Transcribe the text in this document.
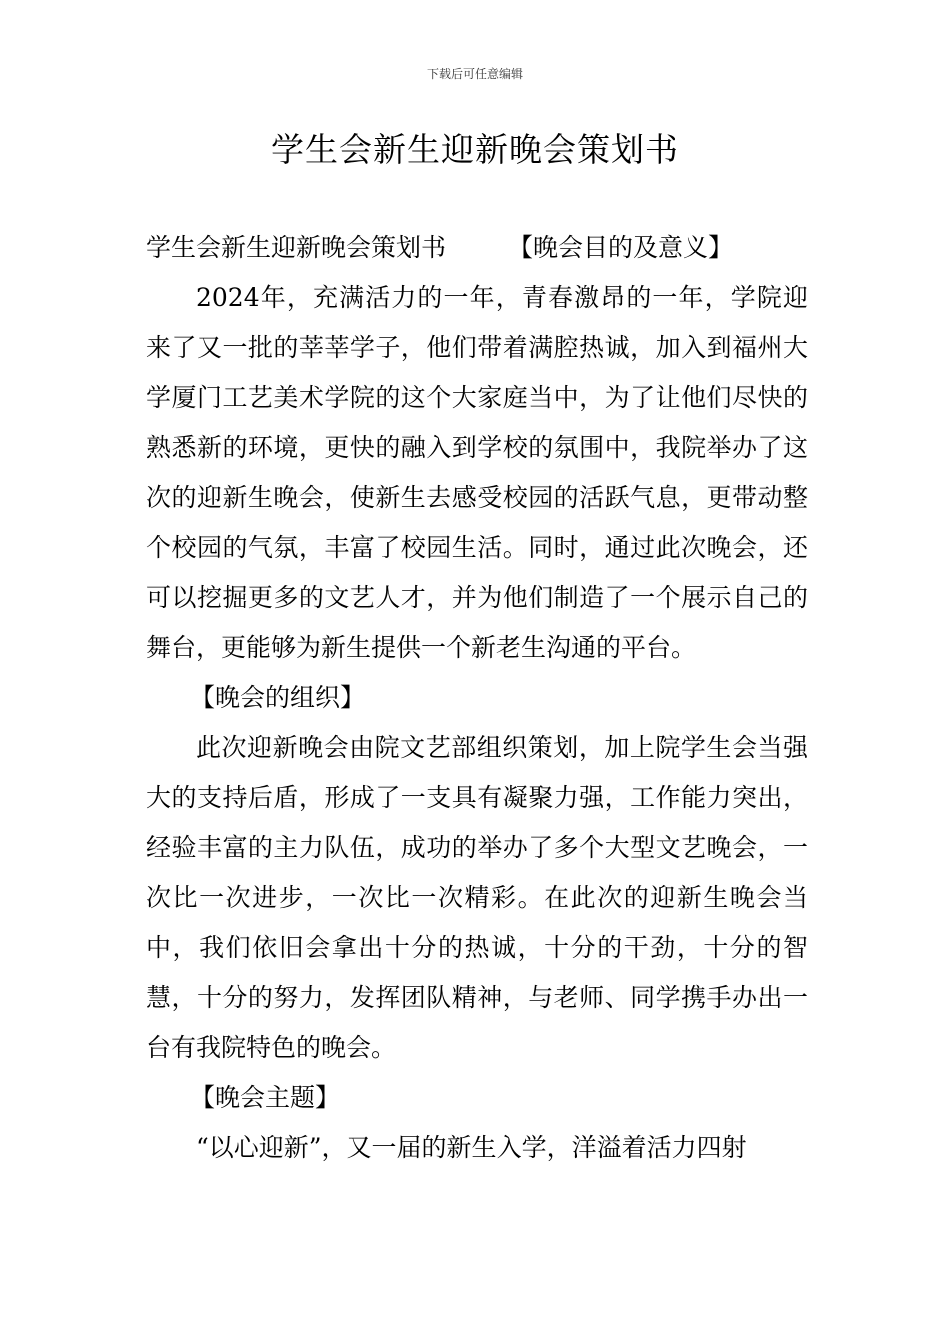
下载后可任意编辑
学生会新生迎新晚会策划书

学生会新生迎新晚会策划书 【晚会目的及意义】

2024年，充满活力的一年，青春激昂的一年，学院迎来了又一批的莘莘学子，他们带着满腔热诚，加入到福州大学厦门工艺美术学院的这个大家庭当中，为了让他们尽快的熟悉新的环境，更快的融入到学校的氛围中，我院举办了这次的迎新生晚会，使新生去感受校园的活跃气息，更带动整个校园的气氛，丰富了校园生活。同时，通过此次晚会，还可以挖掘更多的文艺人才，并为他们制造了一个展示自己的舞台，更能够为新生提供一个新老生沟通的平台。

【晚会的组织】

此次迎新晚会由院文艺部组织策划，加上院学生会当强大的支持后盾，形成了一支具有凝聚力强，工作能力突出，经验丰富的主力队伍，成功的举办了多个大型文艺晚会，一次比一次进步，一次比一次精彩。在此次的迎新生晚会当中，我们依旧会拿出十分的热诚，十分的干劲，十分的智慧，十分的努力，发挥团队精神，与老师、同学携手办出一台有我院特色的晚会。

【晚会主题】

“以心迎新”，又一届的新生入学，洋溢着活力四射
